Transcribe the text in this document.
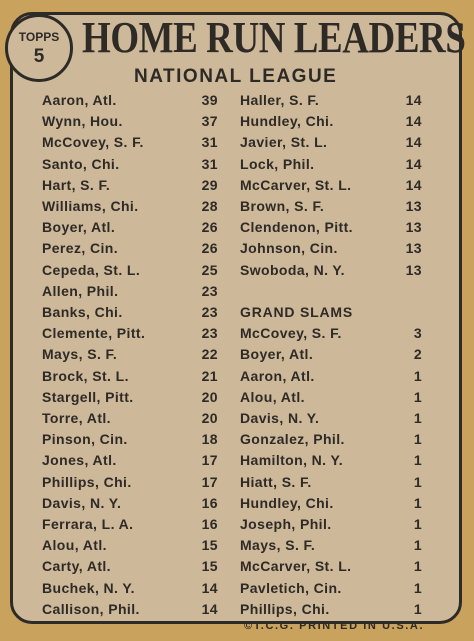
TOPPS
5 HOME RUN LEADERS
NATIONAL LEAGUE
Aaron, Atl.	39
Wynn, Hou.	37
McCovey, S. F.	31
Santo, Chi.	31
Hart, S. F.	29
Williams, Chi.	28
Boyer, Atl.	26
Perez, Cin.	26
Cepeda, St. L.	25
Allen, Phil.	23
Banks, Chi.	23
Clemente, Pitt.	23
Mays, S. F.	22
Brock, St. L.	21
Stargell, Pitt.	20
Torre, Atl.	20
Pinson, Cin.	18
Jones, Atl.	17
Phillips, Chi.	17
Davis, N. Y.	16
Ferrara, L. A.	16
Alou, Atl.	15
Carty, Atl.	15
Buchek, N. Y.	14
Callison, Phil.	14
Haller, S. F.	14
Hundley, Chi.	14
Javier, St. L.	14
Lock, Phil.	14
McCarver, St. L.	14
Brown, S. F.	13
Clendenon, Pitt.	13
Johnson, Cin.	13
Swoboda, N. Y.	13
GRAND SLAMS
McCovey, S. F.	3
Boyer, Atl.	2
Aaron, Atl.	1
Alou, Atl.	1
Davis, N. Y.	1
Gonzalez, Phil.	1
Hamilton, N. Y.	1
Hiatt, S. F.	1
Hundley, Chi.	1
Joseph, Phil.	1
Mays, S. F.	1
McCarver, St. L.	1
Pavletich, Cin.	1
Phillips, Chi.	1
©T.C.G. PRINTED IN U.S.A.
